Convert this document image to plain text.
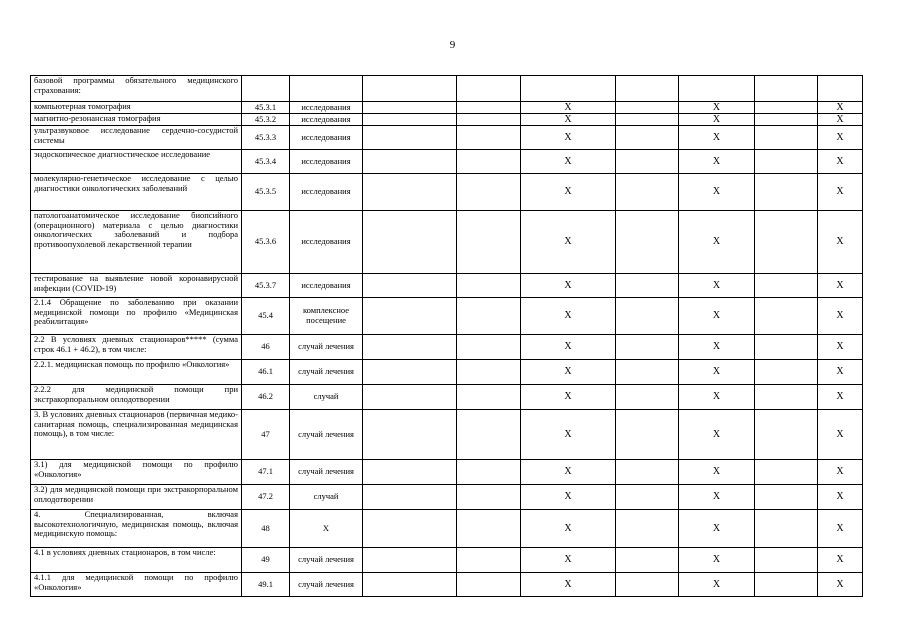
9
базовой программы обязательного медицинского страхования:									
компьютерная томография	45.3.1	исследования			X		X		X
магнитно-резонансная томография	45.3.2	исследования			X		X		X
ультразвуковое исследование сердечно-сосудистой системы	45.3.3	исследования			X		X		X
эндоскопическое диагностическое исследование	45.3.4	исследования			X		X		X
молекулярно-генетическое исследование с целью диагностики онкологических заболеваний	45.3.5	исследования			X		X		X
патологоанатомическое исследование биопсийного (операционного) материала с целью диагностики онкологических заболеваний и подбора противоопухолевой лекарственной терапии	45.3.6	исследования			X		X		X
тестирование на выявление новой коронавирусной инфекции (COVID-19)	45.3.7	исследования			X		X		X
2.1.4 Обращение по заболеванию при оказании медицинской помощи по профилю «Медицинская реабилитация»	45.4	комплексное посещение			X		X		X
2.2 В условиях дневных стационаров***** (сумма строк 46.1 + 46.2), в том числе:	46	случай лечения			X		X		X
2.2.1. медицинская помощь по профилю «Онкология»	46.1	случай лечения			X		X		X
2.2.2 для медицинской помощи при экстракорпоральном оплодотворении	46.2	случай			X		X		X
3. В условиях дневных стационаров (первичная медико-санитарная помощь, специализированная медицинская помощь), в том числе:	47	случай лечения			X		X		X
3.1) для медицинской помощи по профилю «Онкология»	47.1	случай лечения			X		X		X
3.2) для медицинской помощи при экстракорпоральном оплодотворении	47.2	случай			X		X		X
4. Специализированная, включая высокотехнологичную, медицинская помощь, включая медицинскую помощь:	48	X			X		X		X
4.1 в условиях дневных стационаров, в том числе:	49	случай лечения			X		X		X
4.1.1 для медицинской помощи по профилю «Онкология»	49.1	случай лечения			X		X		X
